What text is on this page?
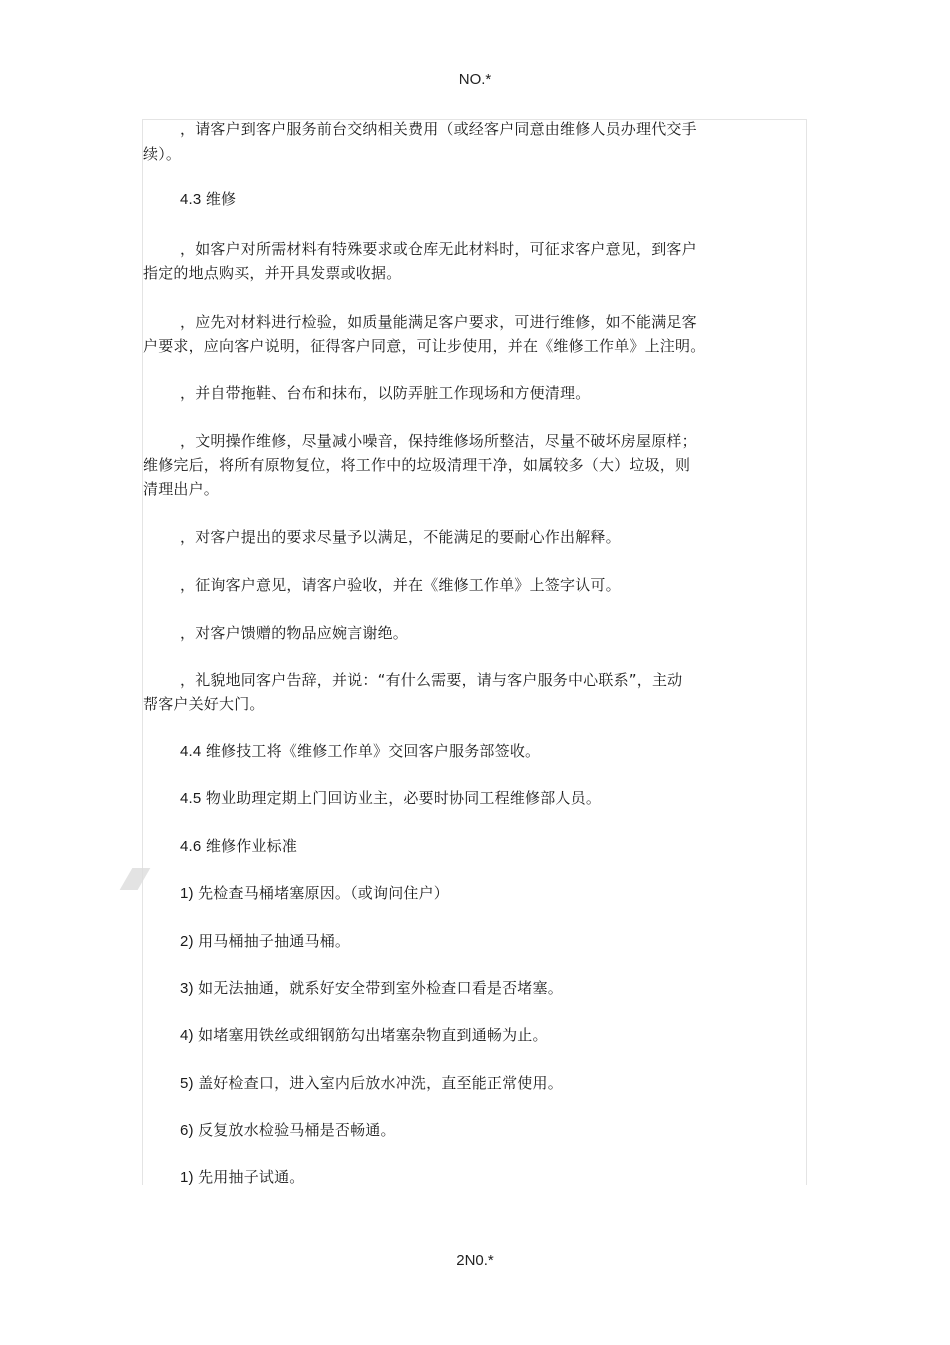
NO.*
，请客户到客户服务前台交纳相关费用（或经客户同意由维修人员办理代交手
续）。
4.3 维修
，如客户对所需材料有特殊要求或仓库无此材料时，可征求客户意见，到客户
指定的地点购买，并开具发票或收据。
，应先对材料进行检验，如质量能满足客户要求，可进行维修，如不能满足客
户要求，应向客户说明，征得客户同意，可让步使用，并在《维修工作单》上注明。
，并自带拖鞋、台布和抹布，以防弄脏工作现场和方便清理。
，文明操作维修，尽量减小噪音，保持维修场所整洁，尽量不破坏房屋原样；
维修完后，将所有原物复位，将工作中的垃圾清理干净，如属较多（大）垃圾，则
清理出户。
，对客户提出的要求尽量予以满足，不能满足的要耐心作出解释。
，征询客户意见，请客户验收，并在《维修工作单》上签字认可。
，对客户馈赠的物品应婉言谢绝。
，礼貌地同客户告辞，并说：“有什么需要，请与客户服务中心联系”，主动
帮客户关好大门。
4.4 维修技工将《维修工作单》交回客户服务部签收。
4.5 物业助理定期上门回访业主，必要时协同工程维修部人员。
4.6 维修作业标准
1) 先检查马桶堵塞原因。（或询问住户）
2) 用马桶抽子抽通马桶。
3) 如无法抽通，就系好安全带到室外检查口看是否堵塞。
4) 如堵塞用铁丝或细钢筋勾出堵塞杂物直到通畅为止。
5) 盖好检查口，进入室内后放水冲洗，直至能正常使用。
6) 反复放水检验马桶是否畅通。
1) 先用抽子试通。
2N0.*
